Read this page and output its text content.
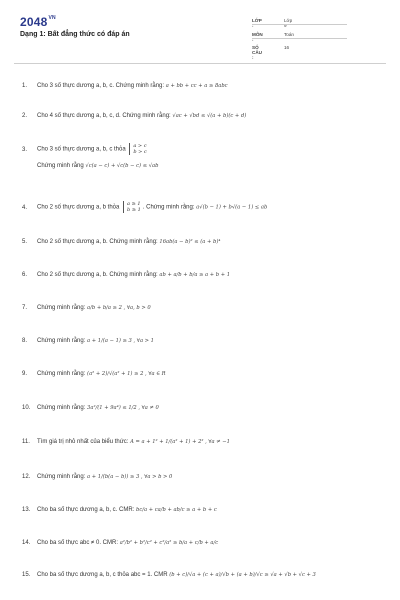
$2048^{VN}$
Dạng 1: Bất đẳng thức có đáp án
LỚP :
Lớp 9
MÔN :
Toán
SỐ CÂU :
16
1. Cho 3 số thực dương a, b, c. Chứng minh rằng: a + bb + cc + a ≥ 8abc
2. Cho 4 số thực dương a, b, c, d. Chứng minh rằng: √ac + √bd ≤ √(a + b)(c + d)
3. Cho 3 số thực dương a, b, c thỏa a > c
b > c
Chứng minh rằng √c(a − c) + √c(b − c) ≤ √ab
4. Cho 2 số thực dương a, b thỏa a ≥ 1
b ≥ 1 . Chứng minh rằng: a√(b − 1) + b√(a − 1) ≤ ab
5. Cho 2 số thực dương a, b. Chứng minh rằng: 16ab(a − b)² ≤ (a + b)⁴
6. Cho 2 số thực dương a, b. Chứng minh rằng: ab + a/b + b/a ≥ a + b + 1
7. Chứng minh rằng: a/b + b/a ≥ 2 , ∀a, b > 0
8. Chứng minh rằng: a + 1/(a − 1) ≥ 3 , ∀a > 1
9. Chứng minh rằng: (a² + 2)/√(a² + 1) ≥ 2 , ∀a ∈ R
10. Chứng minh rằng: 3a²/(1 + 9a⁴) ≤ 1/2 , ∀a ≠ 0
11. Tìm giá trị nhỏ nhất của biểu thức: A = a + 1² + 1/(a² + 1) + 2² , ∀a ≠ −1
12. Chứng minh rằng: a + 1/(b(a − b)) ≥ 3 , ∀a > b > 0
13. Cho ba số thực dương a, b, c. CMR: bc/a + ca/b + ab/c ≥ a + b + c
14. Cho ba số thực abc ≠ 0. CMR: a²/b² + b²/c² + c²/a² ≥ b/a + c/b + a/c
15. Cho ba số thực dương a, b, c thỏa abc = 1. CMR (b + c)/√a + (c + a)/√b + (a + b)/√c ≥ √a + √b + √c + 3
